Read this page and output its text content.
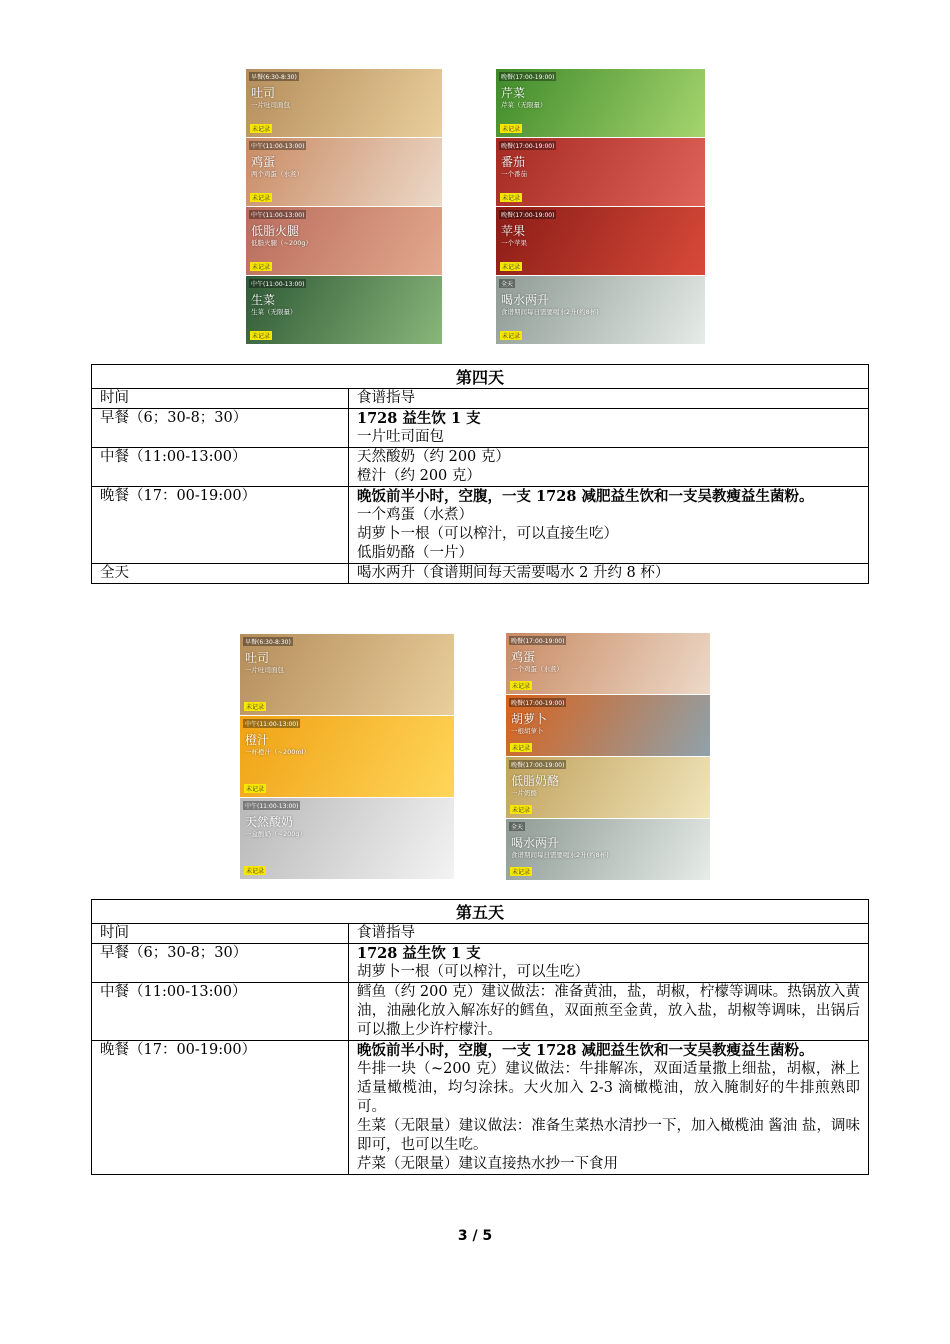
早餐(6:30-8:30)
吐司
一片吐司面包
未记录
中午(11:00-13:00)
鸡蛋
两个鸡蛋（水煮）
未记录
中午(11:00-13:00)
低脂火腿
低脂火腿（~200g）
未记录
中午(11:00-13:00)
生菜
生菜（无限量）
未记录
晚餐(17:00-19:00)
芹菜
芹菜（无限量）
未记录
晚餐(17:00-19:00)
番茄
一个番茄
未记录
晚餐(17:00-19:00)
苹果
一个苹果
未记录
全天
喝水两升
食谱期间每日需要喝水2升(约8杯)
未记录
第四天	
时间	食谱指导
早餐（6；30-8；30）	1728 益生饮 1 支
一片吐司面包

中餐（11:00-13:00）	天然酸奶（约 200 克）
橙汁（约 200 克）

晚餐（17：00-19:00）	晚饭前半小时，空腹，一支 1728 减肥益生饮和一支吴教瘦益生菌粉。
一个鸡蛋（水煮）
胡萝卜一根（可以榨汁，可以直接生吃）
低脂奶酪（一片）

全天	喝水两升（食谱期间每天需要喝水 2 升约 8 杯）
早餐(6:30-8:30)
吐司
一片吐司面包
未记录
中午(11:00-13:00)
橙汁
一杯橙汁（~200ml）
未记录
中午(11:00-13:00)
天然酸奶
一盒酸奶（~200g）
未记录
晚餐(17:00-19:00)
鸡蛋
一个鸡蛋（水煮）
未记录
晚餐(17:00-19:00)
胡萝卜
一根胡萝卜
未记录
晚餐(17:00-19:00)
低脂奶酪
一片奶酪
未记录
全天
喝水两升
食谱期间每日需要喝水2升(约8杯)
未记录
第五天	
时间	食谱指导
早餐（6；30-8；30）	1728 益生饮 1 支
胡萝卜一根（可以榨汁，可以生吃）

中餐（11:00-13:00）	鳕鱼（约 200 克）建议做法：准备黄油，盐，胡椒，柠檬等调味。热锅放入黄油，油融化放入解冻好的鳕鱼，双面煎至金黄，放入盐，胡椒等调味，出锅后可以撒上少许柠檬汁。

晚餐（17：00-19:00）	晚饭前半小时，空腹，一支 1728 减肥益生饮和一支吴教瘦益生菌粉。
牛排一块（~200 克）建议做法：牛排解冻，双面适量撒上细盐，胡椒，淋上适量橄榄油，均匀涂抹。大火加入 2-3 滴橄榄油，放入腌制好的牛排煎熟即可。
生菜（无限量）建议做法：准备生菜热水清抄一下，加入橄榄油 酱油 盐，调味即可，也可以生吃。
芹菜（无限量）建议直接热水抄一下食用
3 / 5
